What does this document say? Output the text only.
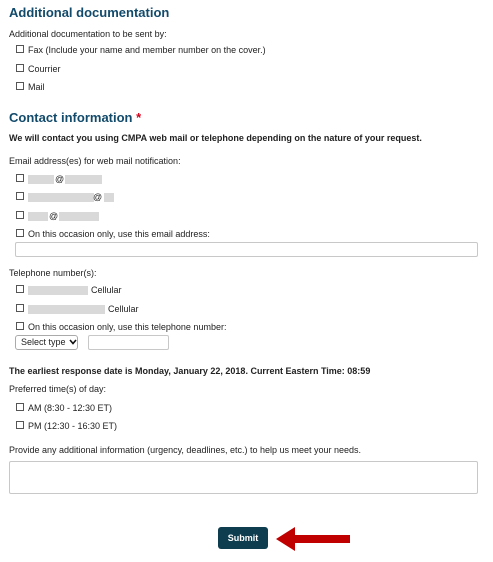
Additional documentation
Additional documentation to be sent by:
Fax (Include your name and member number on the cover.)
Courrier
Mail
Contact information *
We will contact you using CMPA web mail or telephone depending on the nature of your request.
Email address(es) for web mail notification:
@
@
@
On this occasion only, use this email address:
Telephone number(s):
Cellular
Cellular
On this occasion only, use this telephone number:
Select type
The earliest response date is Monday, January 22, 2018. Current Eastern Time: 08:59
Preferred time(s) of day:
AM (8:30 - 12:30 ET)
PM (12:30 - 16:30 ET)
Provide any additional information (urgency, deadlines, etc.) to help us meet your needs.
Submit
